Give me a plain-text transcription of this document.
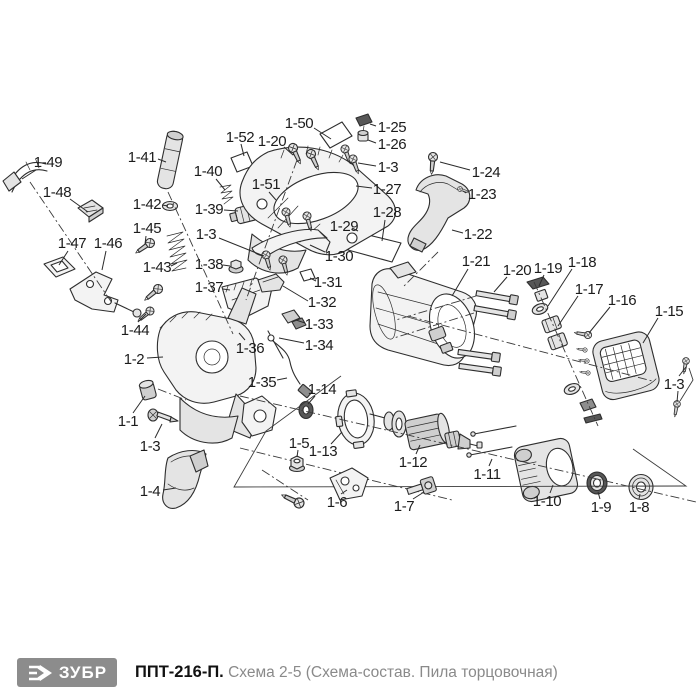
1-49
1-48
1-41
1-40
1-52 1-20
1-50	1-25
1-26
1-3
1-51	1-27
1-24
1-23
1-42 1-39	1-28
1-29	1-22
1-3
1-45
1-47 1-46
1-30
1-43 1-38	1-21
1-20 1-19 1-18
1-37	1-31	1-17
1-32	1-16
1-33
1-15
1-44
1-36	1-34
1-2
1-35	1-3
1-14
1-1
1-5 1-13
1-3
1-12
1-11
1-6	1-10
1-4
1-7	1-9 1-8
ЗУБР ППТ-216-П. Схема 2-5 (Схема-состав. Пила торцовочная)
